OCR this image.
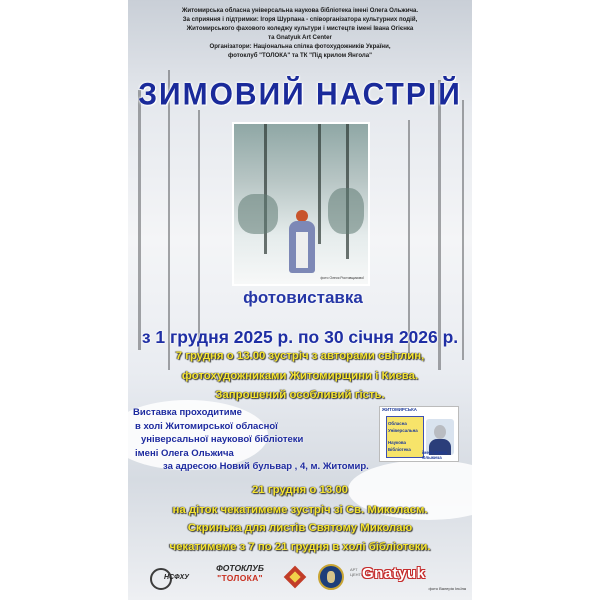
Житомирська обласна універсальна наукова бібліотека імені Олега Ольжича.
За сприяння і підтримки: Ігоря Шурпана - співорганізатора культурних подій,
Житомирського фахового коледжу культури і мистецтв імені Івана Огієнка
та Gnatyuk Art Center
Організатори: Національна спілка фотохудожників України,
фотоклуб "ТОЛОКА" та ТК "Під крилом Янгола"
ЗИМОВИЙ НАСТРІЙ
фото Олеся Ростовщикової
фотовиставка
з 1 грудня 2025 р. по 30 січня 2026 р.
7 грудня о 13.00 зустріч з авторами світлин,
фотохудожниками Житомирщини і Києва.
Запрошений особливий гість.
Виставка проходитиме
в холі Житомирської обласної
універсальної наукової бібліотеки
імені Олега Ольжича
за адресою Новий бульвар , 4, м. Житомир.
ЖИТОМИРСЬКА
Обласна
Універсальна
Наукова
Бібліотека
імені Олега Ольжича
21 грудня о 13.00
на діток чекатимеме зустріч зі Св. Миколаєм.
Скринька для листів Святому Миколаю
чекатимеме з 7 по 21 грудня в холі бібліотеки.
НСФХУ
ФОТОКЛУБ
"ТОЛОКА"
АРТ ЦЕНТР
Gnatyuk
фото Валерія Ільїна
